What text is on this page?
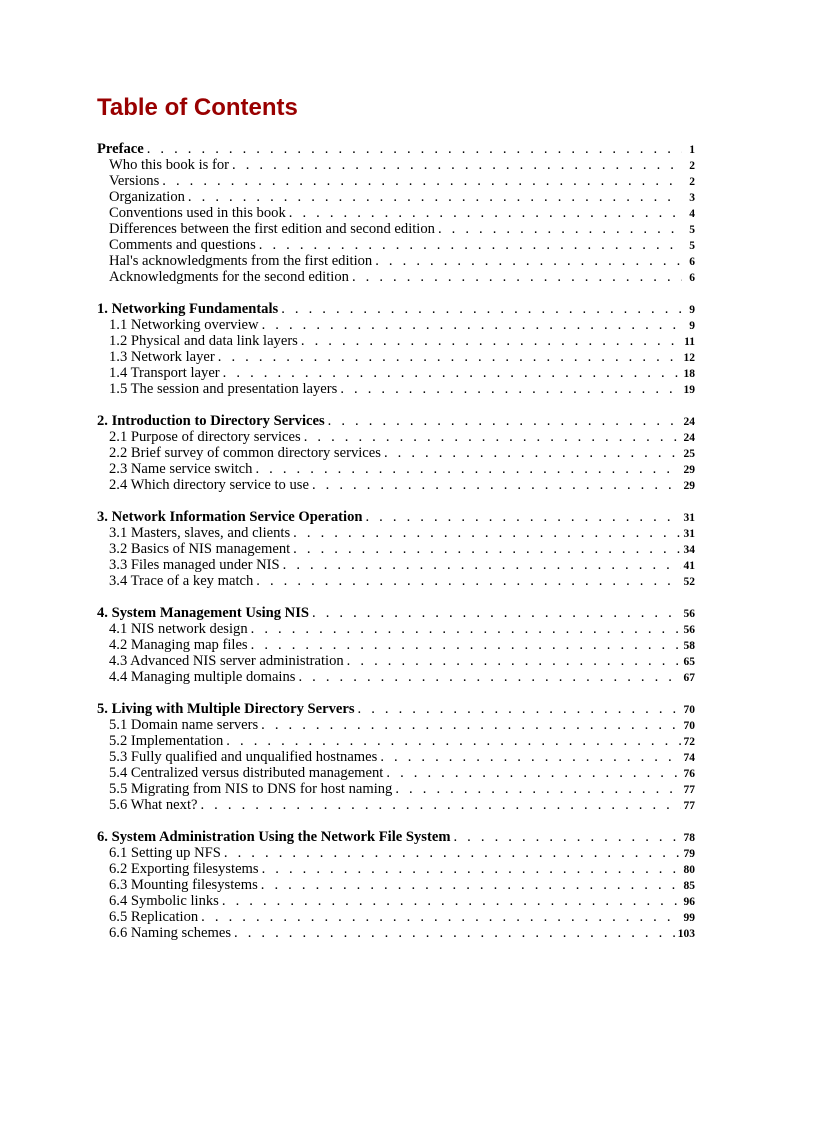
Table of Contents
Preface . . .	1
Who this book is for . . .	2
Versions . . .	2
Organization . . .	3
Conventions used in this book . . .	4
Differences between the first edition and second edition . . .	5
Comments and questions . . .	5
Hal's acknowledgments from the first edition . . .	6
Acknowledgments for the second edition . . .	6
1. Networking Fundamentals . . .	9
1.1 Networking overview . . .	9
1.2 Physical and data link layers . . .	11
1.3 Network layer . . .	12
1.4 Transport layer . . .	18
1.5 The session and presentation layers . . .	19
2. Introduction to Directory Services . . .	24
2.1 Purpose of directory services . . .	24
2.2 Brief survey of common directory services . . .	25
2.3 Name service switch . . .	29
2.4 Which directory service to use . . .	29
3. Network Information Service Operation . . .	31
3.1 Masters, slaves, and clients . . .	31
3.2 Basics of NIS management . . .	34
3.3 Files managed under NIS . . .	41
3.4 Trace of a key match . . .	52
4. System Management Using NIS . . .	56
4.1 NIS network design . . .	56
4.2 Managing map files . . .	58
4.3 Advanced NIS server administration . . .	65
4.4 Managing multiple domains . . .	67
5. Living with Multiple Directory Servers . . .	70
5.1 Domain name servers . . .	70
5.2 Implementation . . .	72
5.3 Fully qualified and unqualified hostnames . . .	74
5.4 Centralized versus distributed management . . .	76
5.5 Migrating from NIS to DNS for host naming . . .	77
5.6 What next? . . .	77
6. System Administration Using the Network File System . . .	78
6.1 Setting up NFS . . .	79
6.2 Exporting filesystems . . .	80
6.3 Mounting filesystems . . .	85
6.4 Symbolic links . . .	96
6.5 Replication . . .	99
6.6 Naming schemes . . .	103
